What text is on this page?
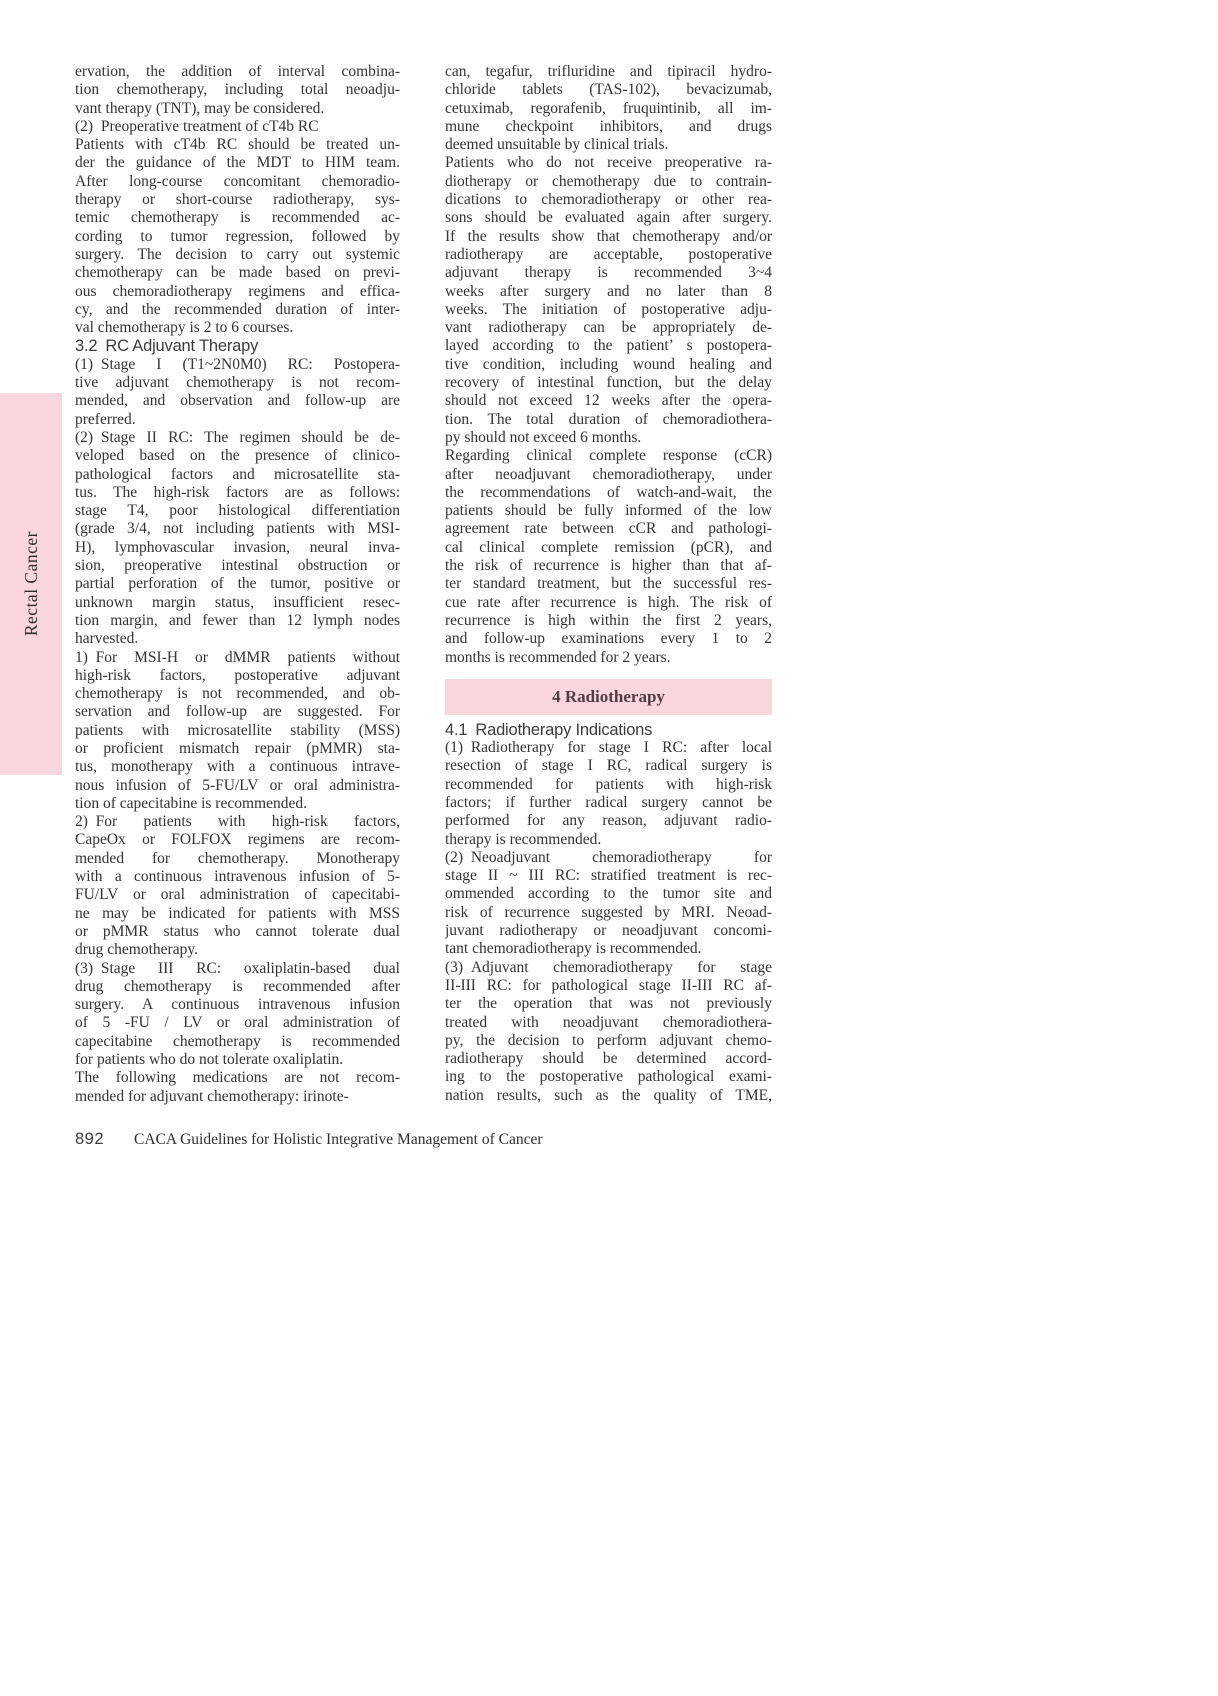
Rectal Cancer
ervation, the addition of interval combina-
tion chemotherapy, including total neoadju-
vant therapy (TNT), may be considered.
(2) Preoperative treatment of cT4b RC
Patients with cT4b RC should be treated un-
der the guidance of the MDT to HIM team.
After long-course concomitant chemoradio-
therapy or short-course radiotherapy, sys-
temic chemotherapy is recommended ac-
cording to tumor regression, followed by
surgery. The decision to carry out systemic
chemotherapy can be made based on previ-
ous chemoradiotherapy regimens and effica-
cy, and the recommended duration of inter-
val chemotherapy is 2 to 6 courses.
3.2 RC Adjuvant Therapy
(1) Stage I (T1~2N0M0) RC: Postopera-
tive adjuvant chemotherapy is not recom-
mended, and observation and follow-up are
preferred.
(2) Stage II RC: The regimen should be de-
veloped based on the presence of clinico-
pathological factors and microsatellite sta-
tus. The high-risk factors are as follows:
stage T4, poor histological differentiation
(grade 3/4, not including patients with MSI-
H), lymphovascular invasion, neural inva-
sion, preoperative intestinal obstruction or
partial perforation of the tumor, positive or
unknown margin status, insufficient resec-
tion margin, and fewer than 12 lymph nodes
harvested.
1) For MSI-H or dMMR patients without
high-risk factors, postoperative adjuvant
chemotherapy is not recommended, and ob-
servation and follow-up are suggested. For
patients with microsatellite stability (MSS)
or proficient mismatch repair (pMMR) sta-
tus, monotherapy with a continuous intrave-
nous infusion of 5-FU/LV or oral administra-
tion of capecitabine is recommended.
2) For patients with high-risk factors,
CapeOx or FOLFOX regimens are recom-
mended for chemotherapy. Monotherapy
with a continuous intravenous infusion of 5-
FU/LV or oral administration of capecitabi-
ne may be indicated for patients with MSS
or pMMR status who cannot tolerate dual
drug chemotherapy.
(3) Stage III RC: oxaliplatin-based dual
drug chemotherapy is recommended after
surgery. A continuous intravenous infusion
of 5 -FU / LV or oral administration of
capecitabine chemotherapy is recommended
for patients who do not tolerate oxaliplatin.
The following medications are not recom-
mended for adjuvant chemotherapy: irinote-
can, tegafur, trifluridine and tipiracil hydro-
chloride tablets (TAS-102), bevacizumab,
cetuximab, regorafenib, fruquintinib, all im-
mune checkpoint inhibitors, and drugs
deemed unsuitable by clinical trials.
Patients who do not receive preoperative ra-
diotherapy or chemotherapy due to contrain-
dications to chemoradiotherapy or other rea-
sons should be evaluated again after surgery.
If the results show that chemotherapy and/or
radiotherapy are acceptable, postoperative
adjuvant therapy is recommended 3~4
weeks after surgery and no later than 8
weeks. The initiation of postoperative adju-
vant radiotherapy can be appropriately de-
layed according to the patient’ s postopera-
tive condition, including wound healing and
recovery of intestinal function, but the delay
should not exceed 12 weeks after the opera-
tion. The total duration of chemoradiothera-
py should not exceed 6 months.
Regarding clinical complete response (cCR)
after neoadjuvant chemoradiotherapy, under
the recommendations of watch-and-wait, the
patients should be fully informed of the low
agreement rate between cCR and pathologi-
cal clinical complete remission (pCR), and
the risk of recurrence is higher than that af-
ter standard treatment, but the successful res-
cue rate after recurrence is high. The risk of
recurrence is high within the first 2 years,
and follow-up examinations every 1 to 2
months is recommended for 2 years.
4 Radiotherapy
4.1 Radiotherapy Indications
(1) Radiotherapy for stage I RC: after local
resection of stage I RC, radical surgery is
recommended for patients with high-risk
factors; if further radical surgery cannot be
performed for any reason, adjuvant radio-
therapy is recommended.
(2) Neoadjuvant chemoradiotherapy for
stage II ~ III RC: stratified treatment is rec-
ommended according to the tumor site and
risk of recurrence suggested by MRI. Neoad-
juvant radiotherapy or neoadjuvant concomi-
tant chemoradiotherapy is recommended.
(3) Adjuvant chemoradiotherapy for stage
II-III RC: for pathological stage II-III RC af-
ter the operation that was not previously
treated with neoadjuvant chemoradiothera-
py, the decision to perform adjuvant chemo-
radiotherapy should be determined accord-
ing to the postoperative pathological exami-
nation results, such as the quality of TME,
892 CACA Guidelines for Holistic Integrative Management of Cancer
